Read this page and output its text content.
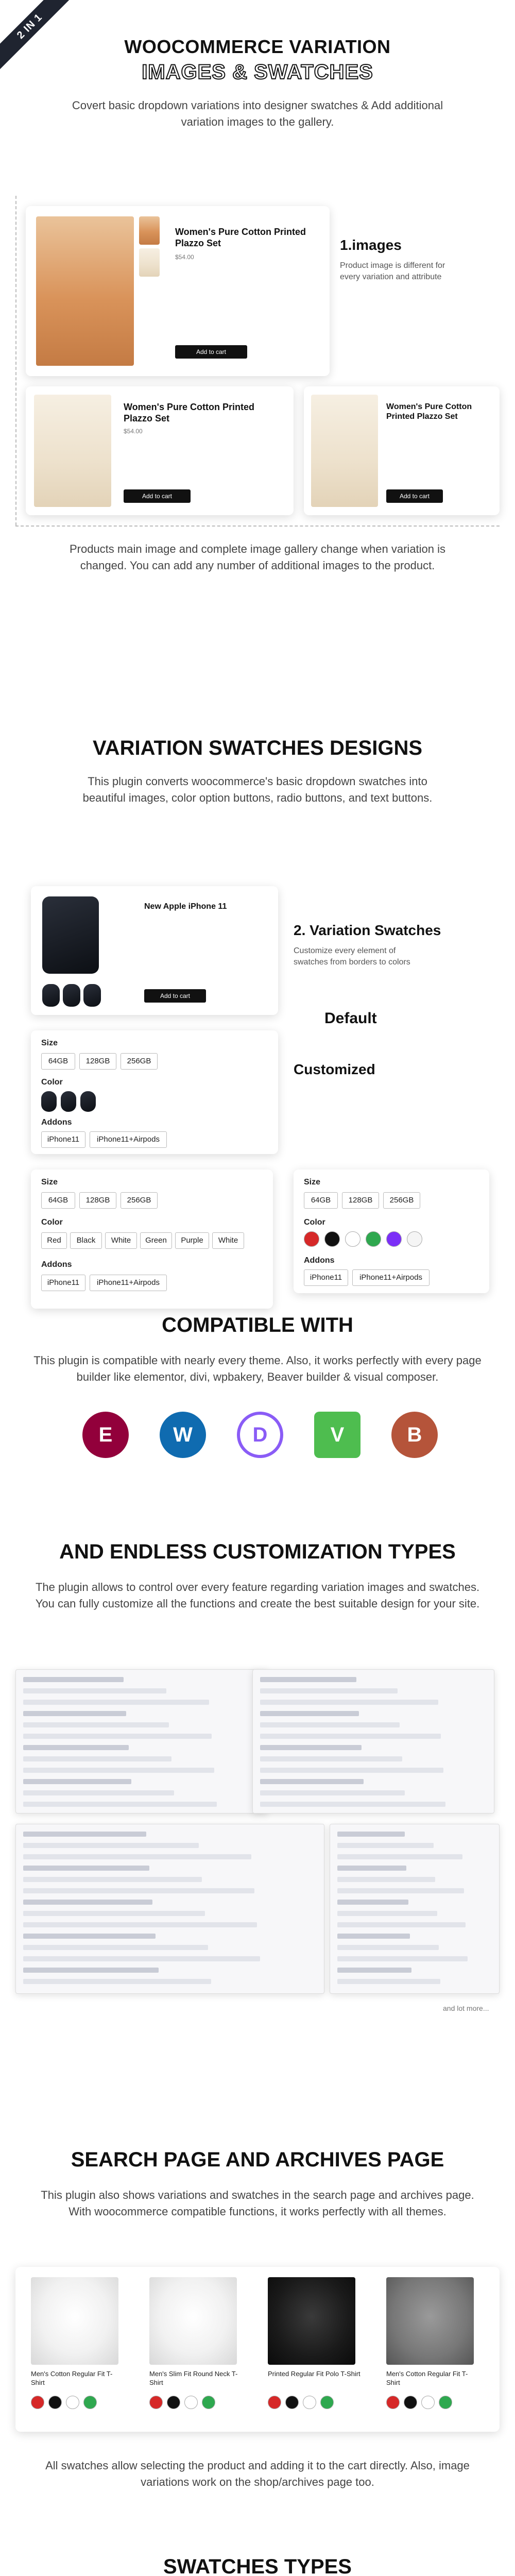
2 IN 1
WOOCOMMERCE VARIATION
IMAGES & SWATCHES
Covert basic dropdown variations into designer swatches & Add additional variation images to the gallery.
Women's Pure Cotton Printed Plazzo Set
$54.00
Add to cart
1.images
Product image is different for every variation and attribute
Women's Pure Cotton Printed Plazzo Set
$54.00
Add to cart
Women's Pure Cotton Printed Plazzo Set
Add to cart
Products main image and complete image gallery change when variation is changed. You can add any number of additional images to the product.
VARIATION SWATCHES DESIGNS
This plugin converts woocommerce's basic dropdown swatches into beautiful images, color option buttons, radio buttons, and text buttons.
New Apple iPhone 11
Add to cart
2. Variation Swatches
Customize every element of swatches from borders to colors
Default
Customized
Size
64GB	128GB	256GB
Color
Addons
iPhone11	iPhone11+Airpods
Size
64GB	128GB	256GB
Color
Red	Black	White	Green	Purple	White
Addons
iPhone11	iPhone11+Airpods
Size
64GB	128GB	256GB
Color
Addons
iPhone11	iPhone11+Airpods
COMPATIBLE WITH
This plugin is compatible with nearly every theme. Also, it works perfectly with every page builder like elementor, divi, wpbakery, Beaver builder & visual composer.
E	W	D	V	B
AND ENDLESS CUSTOMIZATION TYPES
The plugin allows to control over every feature regarding variation images and swatches. You can fully customize all the functions and create the best suitable design for your site.
and lot more...
SEARCH PAGE AND ARCHIVES PAGE
This plugin also shows variations and swatches in the search page and archives page. With woocommerce compatible functions, it works perfectly with all themes.
Men's Cotton Regular Fit T-Shirt
Men's Slim Fit Round Neck T-Shirt
Printed Regular Fit Polo T-Shirt	Men's Cotton Regular Fit T-Shirt
All swatches allow selecting the product and adding it to the cart directly. Also, image variations work on the shop/archives page too.
SWATCHES TYPES
